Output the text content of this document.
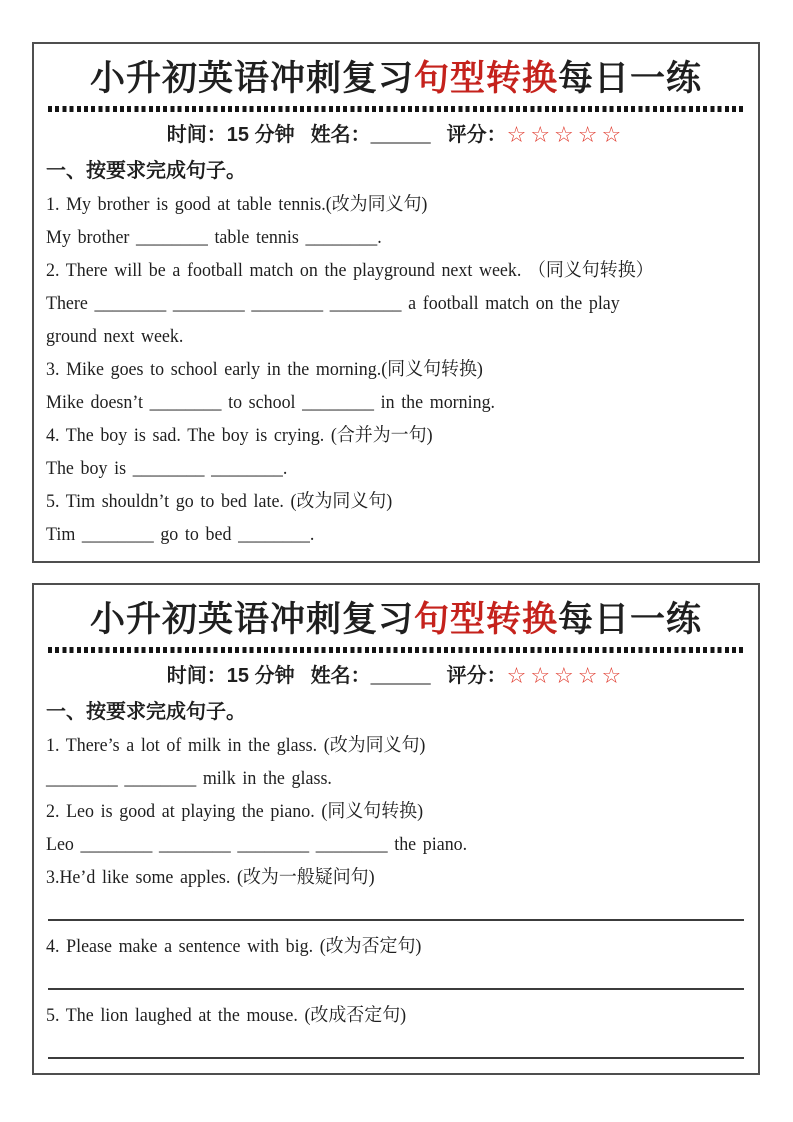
小升初英语冲刺复习句型转换每日一练
时间：15 分钟 姓名：______ 评分：☆☆☆☆☆
一、按要求完成句子。
1. My brother is good at table tennis.(改为同义句)
My brother ________ table tennis ________.
2. There will be a football match on the playground next week. （同义句转换）
There ________ ________ ________ ________ a football match on the play
ground next week.
3. Mike goes to school early in the morning.(同义句转换)
Mike doesn’t ________ to school ________ in the morning.
4. The boy is sad. The boy is crying. (合并为一句)
The boy is ________ ________.
5. Tim shouldn’t go to bed late. (改为同义句)
Tim ________ go to bed ________.
小升初英语冲刺复习句型转换每日一练
时间：15 分钟 姓名：______ 评分：☆☆☆☆☆
一、按要求完成句子。
1. There’s a lot of milk in the glass. (改为同义句)
________ ________ milk in the glass.
2. Leo is good at playing the piano. (同义句转换)
Leo ________ ________ ________ ________ the piano.
3.He’d like some apples. (改为一般疑问句)
4. Please make a sentence with big. (改为否定句)
5. The lion laughed at the mouse. (改成否定句)
